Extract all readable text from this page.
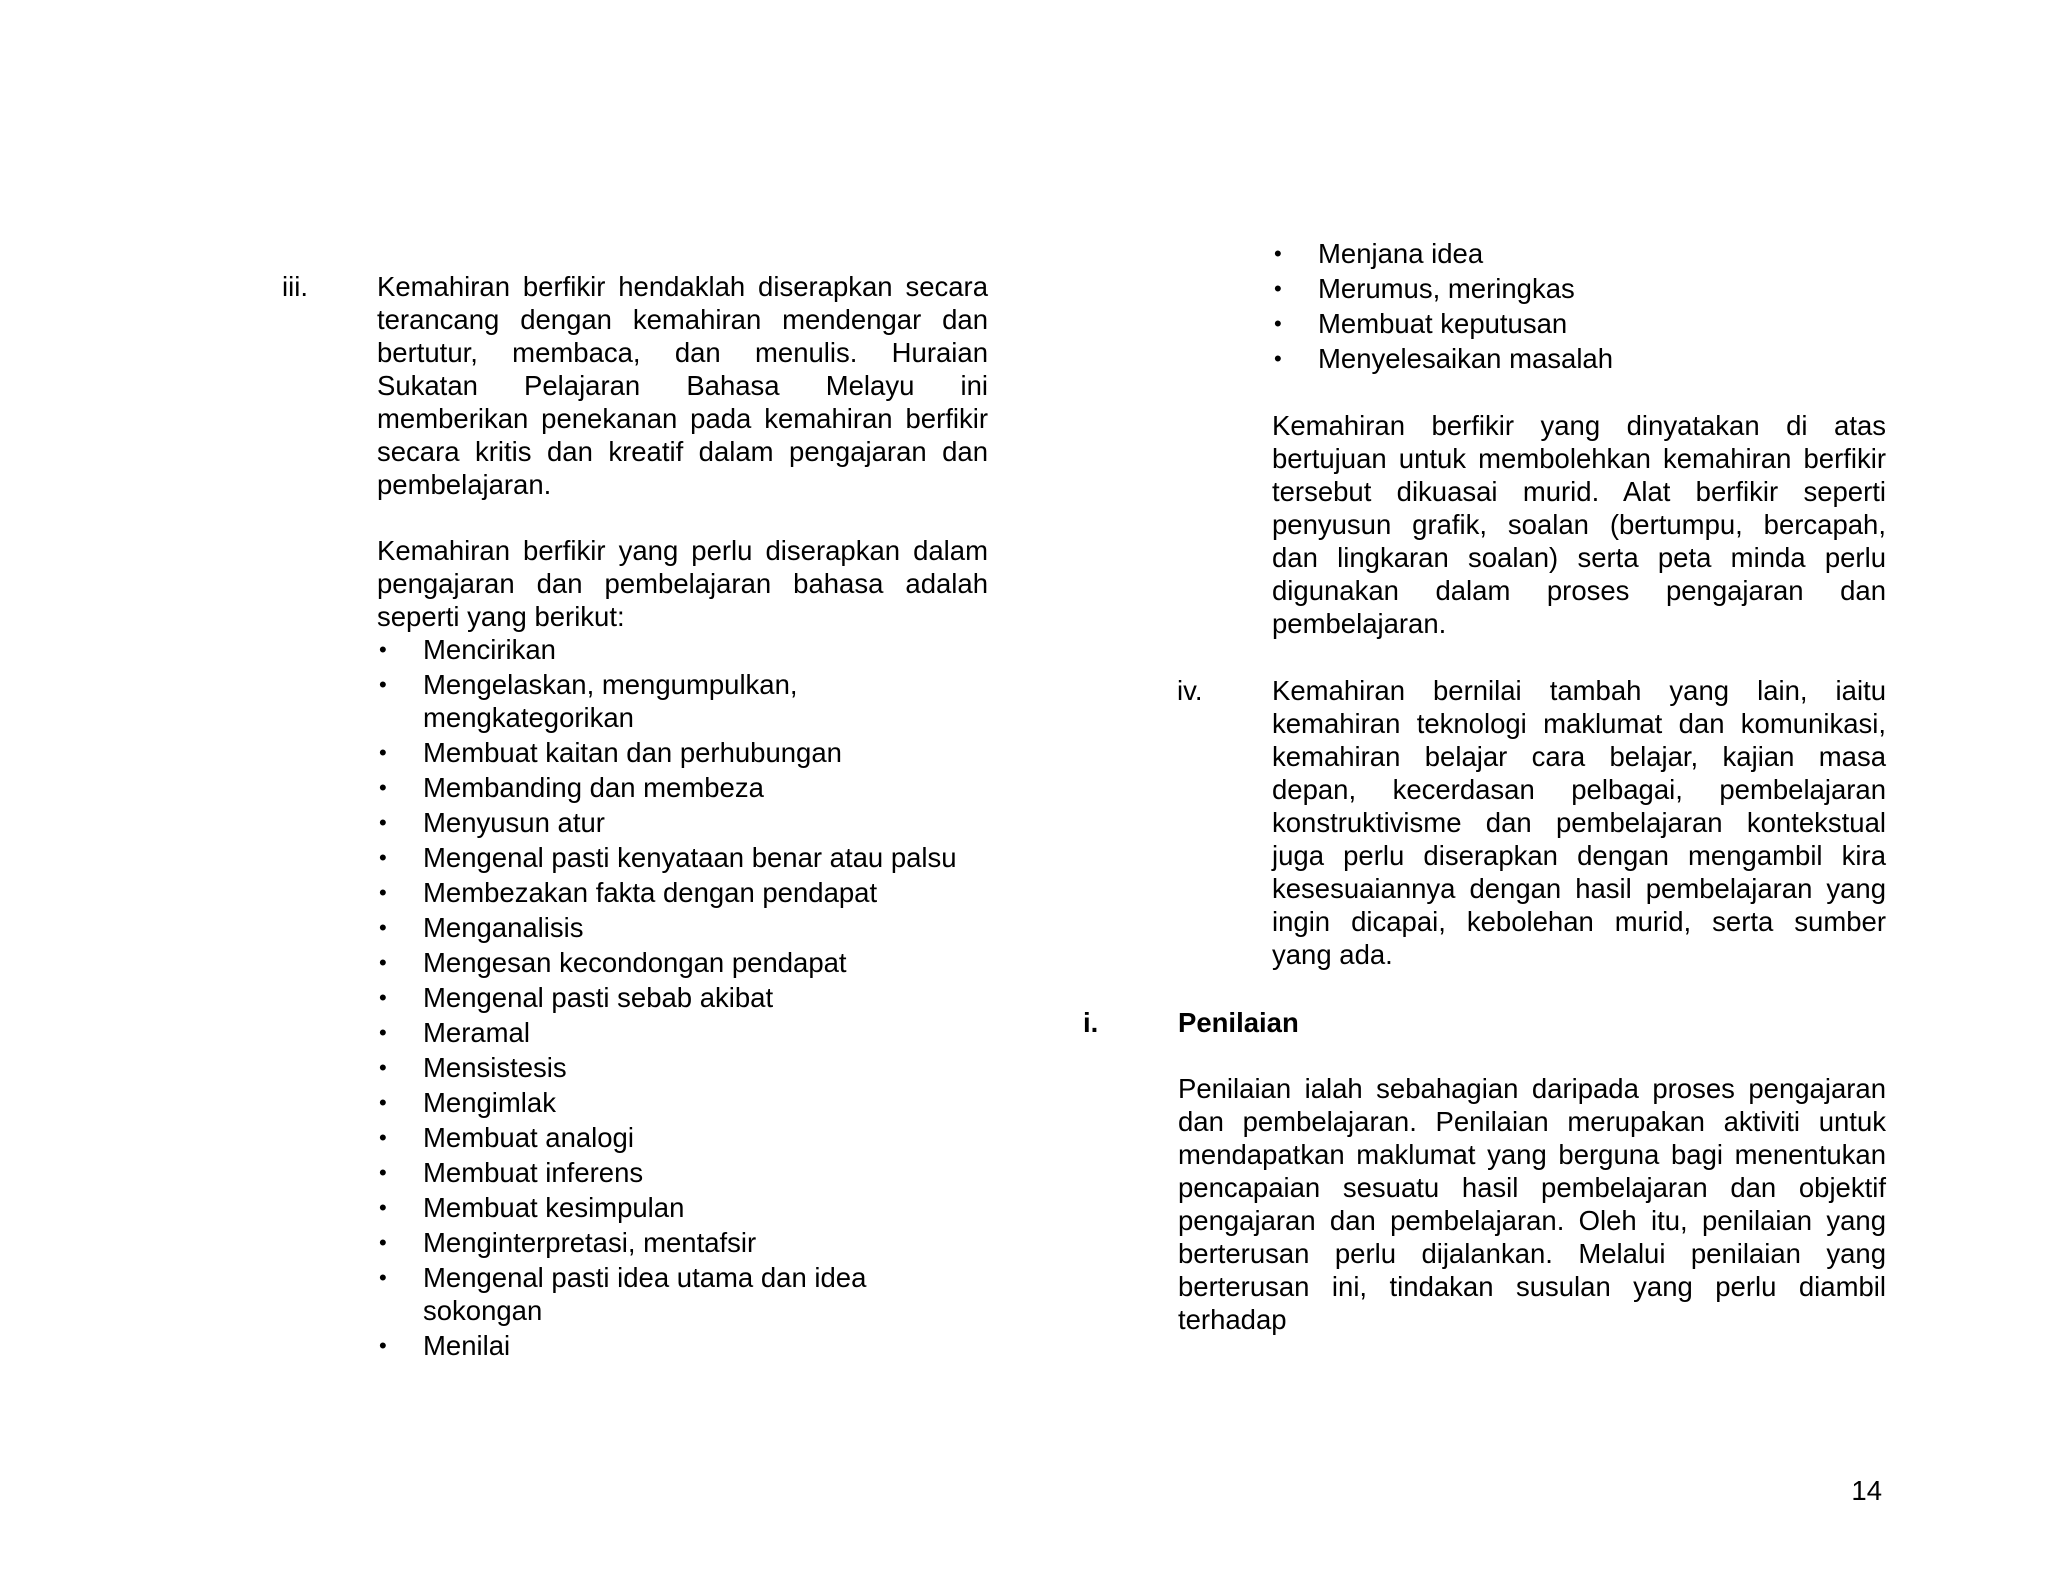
iii.	Kemahiran berfikir hendaklah diserapkan secara terancang dengan kemahiran mendengar dan bertutur, membaca, dan menulis. Huraian Sukatan Pelajaran Bahasa Melayu ini memberikan penekanan pada kemahiran berfikir secara kritis dan kreatif dalam pengajaran dan pembelajaran.

Kemahiran berfikir yang perlu diserapkan dalam pengajaran dan pembelajaran bahasa adalah seperti yang berikut:

• Mencirikan
• Mengelaskan, mengumpulkan, mengkategorikan
• Membuat kaitan dan perhubungan
• Membanding dan membeza
• Menyusun atur
• Mengenal pasti kenyataan benar atau palsu
• Membezakan fakta dengan pendapat
• Menganalisis
• Mengesan kecondongan pendapat
• Mengenal pasti sebab akibat
• Meramal
• Mensistesis
• Mengimlak
• Membuat analogi
• Membuat inferens
• Membuat kesimpulan
• Menginterpretasi, mentafsir
• Mengenal pasti idea utama dan idea sokongan
• Menilai
• Menjana idea
• Merumus, meringkas
• Membuat keputusan
• Menyelesaikan masalah

Kemahiran berfikir yang dinyatakan di atas bertujuan untuk membolehkan kemahiran berfikir tersebut dikuasai murid. Alat berfikir seperti penyusun grafik, soalan (bertumpu, bercapah, dan lingkaran soalan) serta peta minda perlu digunakan dalam proses pengajaran dan pembelajaran.

iv.	Kemahiran bernilai tambah yang lain, iaitu kemahiran teknologi maklumat dan komunikasi, kemahiran belajar cara belajar, kajian masa depan, kecerdasan pelbagai, pembelajaran konstruktivisme dan pembelajaran kontekstual juga perlu diserapkan dengan mengambil kira kesesuaiannya dengan hasil pembelajaran yang ingin dicapai, kebolehan murid, serta sumber yang ada.

i.	Penilaian

Penilaian ialah sebahagian daripada proses pengajaran dan pembelajaran. Penilaian merupakan aktiviti untuk mendapatkan maklumat yang berguna bagi menentukan pencapaian sesuatu hasil pembelajaran dan objektif pengajaran dan pembelajaran. Oleh itu, penilaian yang berterusan perlu dijalankan. Melalui penilaian yang berterusan ini, tindakan susulan yang perlu diambil terhadap

14
